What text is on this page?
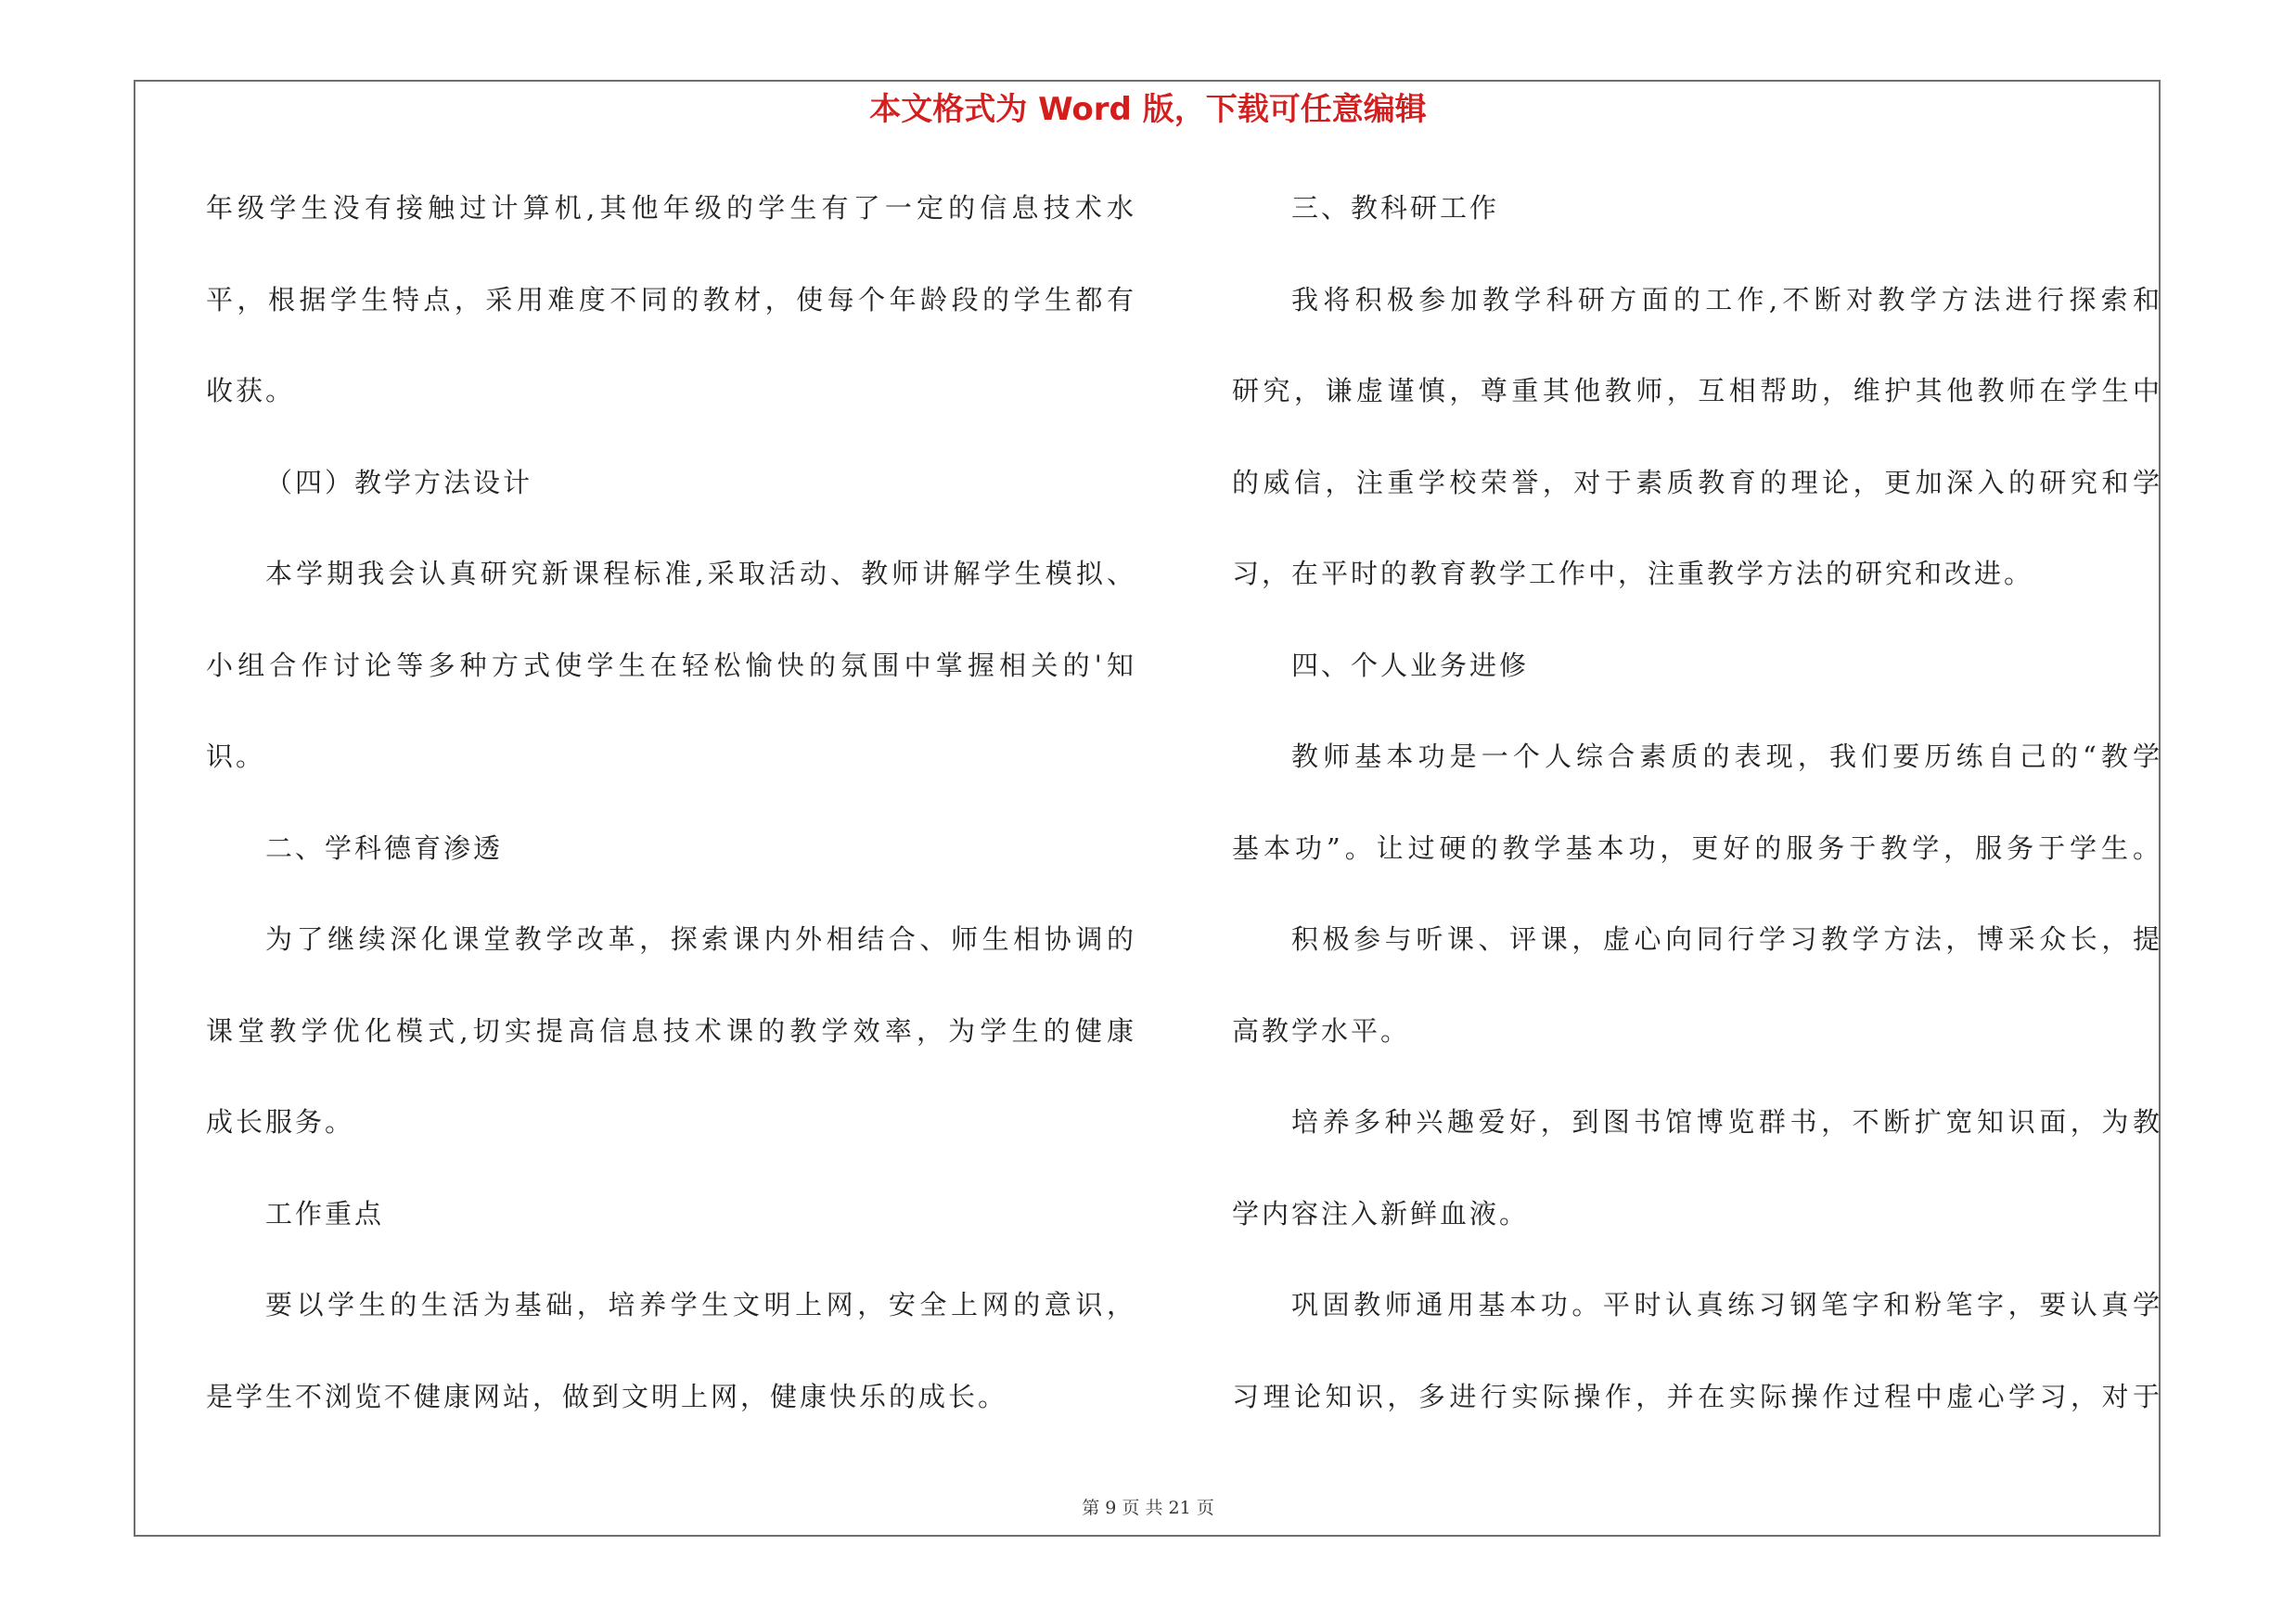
本文格式为 Word 版，下载可任意编辑
年级学生没有接触过计算机,其他年级的学生有了一定的信息技术水
平，根据学生特点，采用难度不同的教材，使每个年龄段的学生都有
收获。
（四）教学方法设计
本学期我会认真研究新课程标准,采取活动、教师讲解学生模拟、
小组合作讨论等多种方式使学生在轻松愉快的氛围中掌握相关的'知
识。
二、学科德育渗透
为了继续深化课堂教学改革，探索课内外相结合、师生相协调的
课堂教学优化模式,切实提高信息技术课的教学效率，为学生的健康
成长服务。
工作重点
要以学生的生活为基础，培养学生文明上网，安全上网的意识，
是学生不浏览不健康网站，做到文明上网，健康快乐的成长。
三、教科研工作
我将积极参加教学科研方面的工作,不断对教学方法进行探索和
研究，谦虚谨慎，尊重其他教师，互相帮助，维护其他教师在学生中
的威信，注重学校荣誉，对于素质教育的理论，更加深入的研究和学
习，在平时的教育教学工作中，注重教学方法的研究和改进。
四、个人业务进修
教师基本功是一个人综合素质的表现，我们要历练自己的“教学
基本功”。让过硬的教学基本功，更好的服务于教学，服务于学生。
积极参与听课、评课，虚心向同行学习教学方法，博采众长，提
高教学水平。
培养多种兴趣爱好，到图书馆博览群书，不断扩宽知识面，为教
学内容注入新鲜血液。
巩固教师通用基本功。平时认真练习钢笔字和粉笔字，要认真学
习理论知识，多进行实际操作，并在实际操作过程中虚心学习，对于
第 9 页 共 21 页
